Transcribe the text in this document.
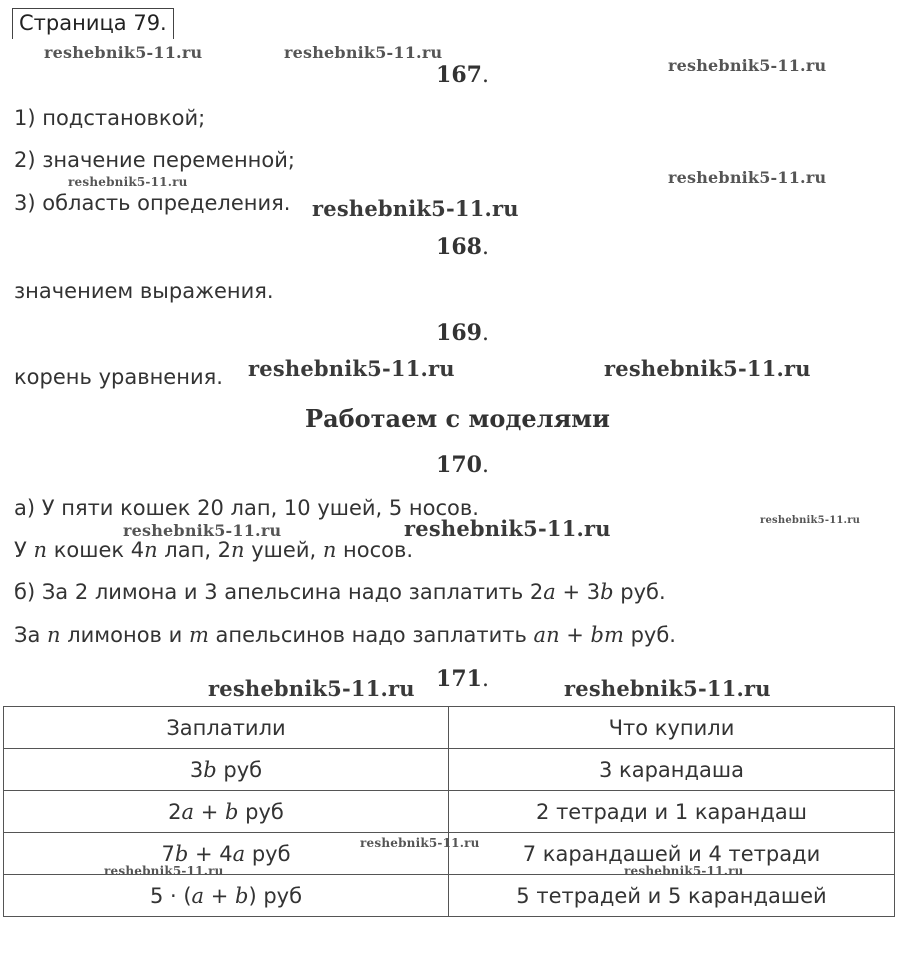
Страница 79.
reshebnik5-11.ru	reshebnik5-11.ru
reshebnik5-11.ru
reshebnik5-11.ru	reshebnik5-11.ru
reshebnik5-11.ru
reshebnik5-11.ru	reshebnik5-11.ru
reshebnik5-11.ru	reshebnik5-11.ru	reshebnik5-11.ru
reshebnik5-11.ru	reshebnik5-11.ru
167.
1) подстановкой;
2) значение переменной;
3) область определения.
168.
значением выражения.
169.
корень уравнения.
Работаем с моделями
170.
а) У пяти кошек 20 лап, 10 ушей, 5 носов.
У n кошек 4n лап, 2n ушей, n носов.
б) За 2 лимона и 3 апельсина надо заплатить 2a + 3b руб.
За n лимонов и m апельсинов надо заплатить an + bm руб.
171.
Заплатили	Что купили
3b руб	3 карандаша
2a + b руб	2 тетради и 1 карандаш
7b + 4a руб	7 карандашей и 4 тетради
5 · (a + b) руб	5 тетрадей и 5 карандашей
reshebnik5-11.ru
reshebnik5-11.ru	reshebnik5-11.ru
